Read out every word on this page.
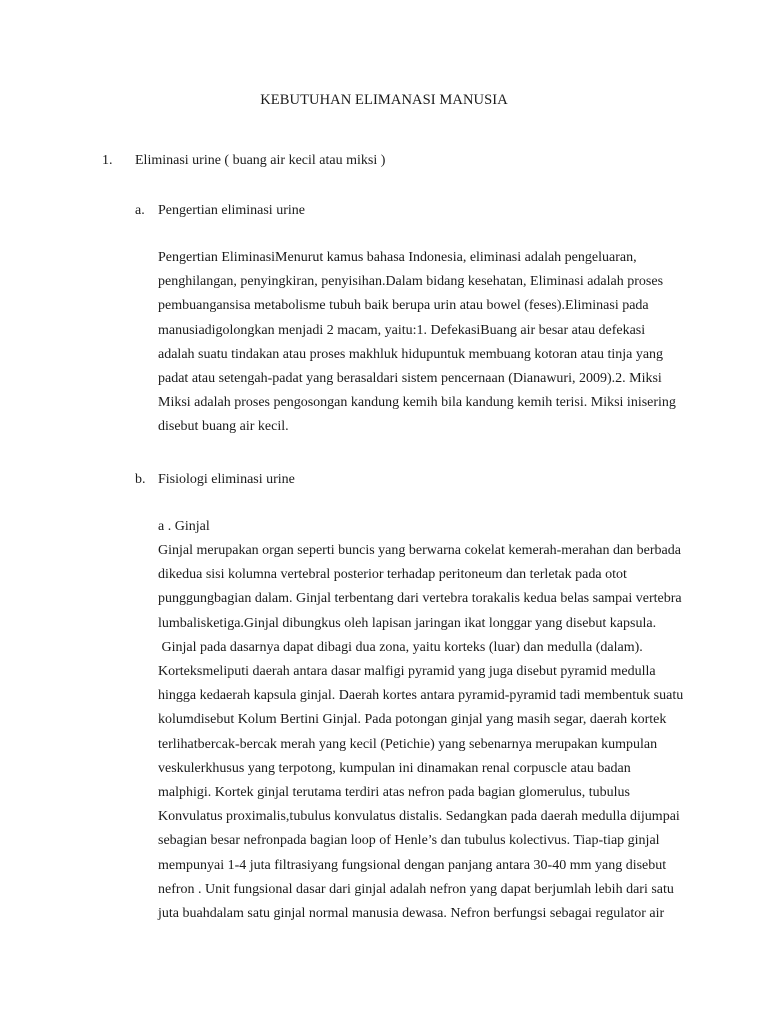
KEBUTUHAN ELIMANASI MANUSIA
1. Eliminasi urine ( buang air kecil atau miksi )
a. Pengertian eliminasi urine
Pengertian EliminasiMenurut kamus bahasa Indonesia, eliminasi adalah pengeluaran,
penghilangan, penyingkiran, penyisihan.Dalam bidang kesehatan, Eliminasi adalah proses
pembuangansisa metabolisme tubuh baik berupa urin atau bowel (feses).Eliminasi pada
manusiadigolongkan menjadi 2 macam, yaitu:1. DefekasiBuang air besar atau defekasi
adalah suatu tindakan atau proses makhluk hidupuntuk membuang kotoran atau tinja yang
padat atau setengah-padat yang berasaldari sistem pencernaan (Dianawuri, 2009).2. Miksi
Miksi adalah proses pengosongan kandung kemih bila kandung kemih terisi. Miksi inisering
disebut buang air kecil.
b. Fisiologi eliminasi urine
a . Ginjal
Ginjal merupakan organ seperti buncis yang berwarna cokelat kemerah-merahan dan berbada
dikedua sisi kolumna vertebral posterior terhadap peritoneum dan terletak pada otot
punggungbagian dalam. Ginjal terbentang dari vertebra torakalis kedua belas sampai vertebra
lumbalisketiga.Ginjal dibungkus oleh lapisan jaringan ikat longgar yang disebut kapsula.
Ginjal pada dasarnya dapat dibagi dua zona, yaitu korteks (luar) dan medulla (dalam).
Korteksmeliputi daerah antara dasar malfigi pyramid yang juga disebut pyramid medulla
hingga kedaerah kapsula ginjal. Daerah kortes antara pyramid-pyramid tadi membentuk suatu
kolumdisebut Kolum Bertini Ginjal. Pada potongan ginjal yang masih segar, daerah kortek
terlihatbercak-bercak merah yang kecil (Petichie) yang sebenarnya merupakan kumpulan
veskulerkhusus yang terpotong, kumpulan ini dinamakan renal corpuscle atau badan
malphigi. Kortek ginjal terutama terdiri atas nefron pada bagian glomerulus, tubulus
Konvulatus proximalis,tubulus konvulatus distalis. Sedangkan pada daerah medulla dijumpai
sebagian besar nefronpada bagian loop of Henle’s dan tubulus kolectivus. Tiap-tiap ginjal
mempunyai 1-4 juta filtrasiyang fungsional dengan panjang antara 30-40 mm yang disebut
nefron . Unit fungsional dasar dari ginjal adalah nefron yang dapat berjumlah lebih dari satu
juta buahdalam satu ginjal normal manusia dewasa. Nefron berfungsi sebagai regulator air
